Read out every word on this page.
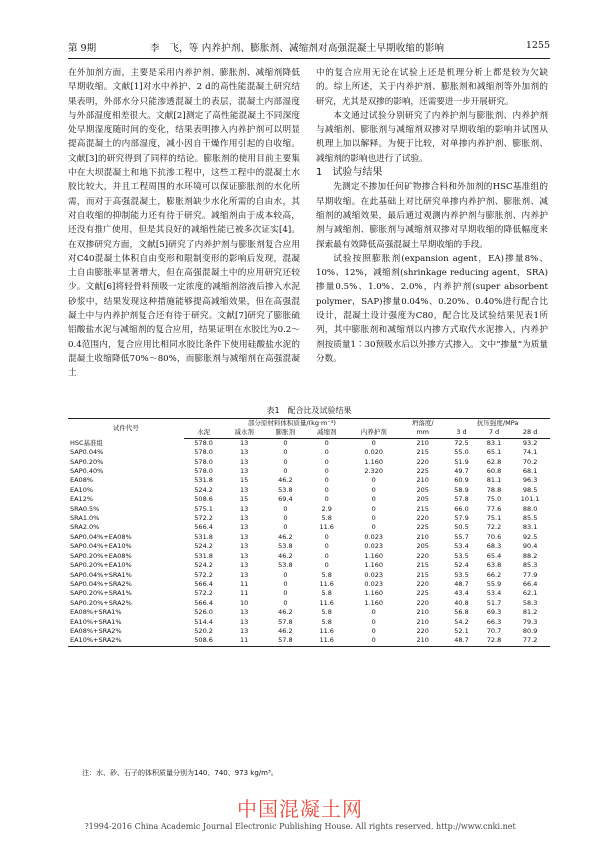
第 9期	李　飞，等 内养护剂、膨胀剂、减缩剂对高强混凝土早期收缩的影响	1255

在外加剂方面，主要是采用内养护剂、膨胀剂、减缩剂降低早期收缩。文献[1]对水中养护、2 d的高性能混凝土研究结果表明，外部水分只能渗透混凝土的表层，混凝土内部湿度与外部湿度相差很大。文献[2]测定了高性能混凝土不同深度处早期湿度随时间的变化，结果表明掺入内养护剂可以明显提高混凝土的内部湿度，减小因自干燥作用引起的自收缩。文献[3]的研究得到了同样的结论。膨胀剂的使用目前主要集中在大坝混凝土和地下抗渗工程中，这些工程中的混凝土水胶比较大，并且工程周围的水环境可以保证膨胀剂的水化所需，而对于高强混凝土，膨胀剂缺少水化所需的自由水，其对自收缩的抑制能力还有待于研究。减缩剂由于成本较高，还没有推广使用，但是其良好的减缩性能已被多次证实[4]。在双掺研究方面，文献[5]研究了内养护剂与膨胀剂复合应用对C40混凝土体积自由变形和限制变形的影响后发现，混凝土自由膨胀率显著增大，但在高强混凝土中的应用研究还较少。文献[6]将轻骨料预吸一定浓度的减缩剂溶液后掺入水泥砂浆中，结果发现这种措施能够提高减缩效果，但在高强混凝土中与内养护剂复合还有待于研究。文献[7]研究了膨胀硫铝酸盐水泥与减缩剂的复合应用，结果证明在水胶比为0.2～0.4范围内，复合应用比相同水胶比条件下使用硅酸盐水泥的混凝土收缩降低70%～80%，而膨胀剂与减缩剂在高强混凝土

中的复合应用无论在试验上还是机理分析上都是较为欠缺的。综上所述，关于内养护剂、膨胀剂和减缩剂等外加剂的研究，尤其是双掺的影响，还需要进一步开展研究。

本文通过试验分别研究了内养护剂与膨胀剂、内养护剂与减缩剂、膨胀剂与减缩剂双掺对早期收缩的影响并试图从机理上加以解释。为便于比较，对单掺内养护剂、膨胀剂、减缩剂的影响也进行了试验。

1　试验与结果

先测定不掺加任何矿物掺合料和外加剂的HSC基准组的早期收缩。在此基础上对比研究单掺内养护剂、膨胀剂、减缩剂的减缩效果，最后通过观测内养护剂与膨胀剂、内养护剂与减缩剂、膨胀剂与减缩剂双掺对早期收缩的降低幅度来探索最有效降低高强混凝土早期收缩的手段。

试验按照膨胀剂(expansion agent，EA)掺量8%、10%、12%，减缩剂(shrinkage reducing agent，SRA)掺量0.5%、1.0%、2.0%，内养护剂(super absorbent polymer，SAP)掺量0.04%、0.20%、0.40%进行配合比设计，混凝土设计强度为C80，配合比及试验结果见表1所列，其中膨胀剂和减缩剂以内掺方式取代水泥掺入，内养护剂按质量1∶30预吸水后以外掺方式掺入。文中“掺量”为质量分数。

表1　配合比及试验结果
试件代号	部分原材料体积质量/(kg·m⁻³)					坍落度/	抗压强度/MPa		
	水泥	减水剂	膨胀剂	减缩剂	内养护剂	mm	3 d	7 d	28 d
HSC基准组	578.0	13	0	0	0	210	72.5	83.1	93.2
SAP0.04%	578.0	13	0	0	0.020	215	55.0	65.1	74.1
SAP0.20%	578.0	13	0	0	1.160	220	51.9	62.8	70.2
SAP0.40%	578.0	13	0	0	2.320	225	49.7	60.8	68.1
EA08%	531.8	15	46.2	0	0	210	60.9	81.1	96.3
EA10%	524.2	13	53.8	0	0	205	58.9	78.8	98.5
EA12%	508.6	15	69.4	0	0	205	57.8	75.0	101.1
SRA0.5%	575.1	13	0	2.9	0	215	66.0	77.6	88.0
SRA1.0%	572.2	13	0	5.8	0	220	57.9	75.1	85.5
SRA2.0%	566.4	13	0	11.6	0	225	50.5	72.2	83.1
SAP0.04%+EA08%	531.8	13	46.2	0	0.023	210	55.7	70.6	92.5
SAP0.04%+EA10%	524.2	13	53.8	0	0.023	205	53.4	68.3	90.4
SAP0.20%+EA08%	531.8	13	46.2	0	1.160	220	53.5	65.4	88.2
SAP0.20%+EA10%	524.2	13	53.8	0	1.160	215	52.4	63.8	85.3
SAP0.04%+SRA1%	572.2	13	0	5.8	0.023	215	53.5	66.2	77.9
SAP0.04%+SRA2%	566.4	11	0	11.6	0.023	220	48.7	55.9	66.4
SAP0.20%+SRA1%	572.2	11	0	5.8	1.160	225	43.4	53.4	62.1
SAP0.20%+SRA2%	566.4	10	0	11.6	1.160	220	40.8	51.7	58.3
EA08%+SRA1%	526.0	13	46.2	5.8	0	210	56.8	69.3	81.2
EA10%+SRA1%	514.4	13	57.8	5.8	0	210	54.2	66.3	79.3
EA08%+SRA2%	520.2	13	46.2	11.6	0	220	52.1	70.7	80.9
EA10%+SRA2%	508.6	11	57.8	11.6	0	210	48.7	72.8	77.2
注：水、砂、石子的体积质量分别为140、740、973 kg/m³。
中国混凝土网
?1994-2016 China Academic Journal Electronic Publishing House. All rights reserved. http://www.cnki.net
